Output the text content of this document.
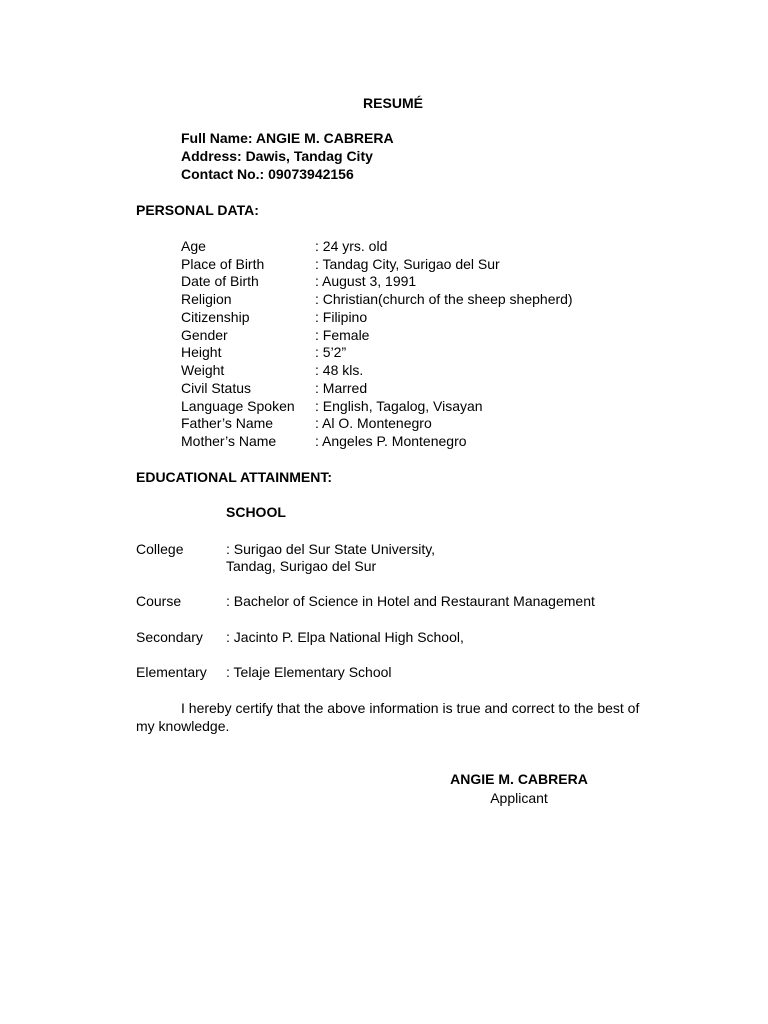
RESUMÉ
Full Name: ANGIE M. CABRERA
Address: Dawis, Tandag City
Contact No.: 09073942156
PERSONAL DATA:
Age	: 24 yrs. old
Place of Birth	: Tandag City, Surigao del Sur
Date of Birth	: August 3, 1991
Religion	: Christian(church of the sheep shepherd)
Citizenship	: Filipino
Gender	: Female
Height	: 5’2”
Weight	: 48 kls.
Civil Status	: Marred
Language Spoken : English, Tagalog, Visayan
Father’s Name	: Al O. Montenegro
Mother’s Name	: Angeles P. Montenegro
EDUCATIONAL ATTAINMENT:
SCHOOL
College	: Surigao del Sur State University,
Tandag, Surigao del Sur
Course	: Bachelor of Science in Hotel and Restaurant Management
Secondary : Jacinto P. Elpa National High School,
Elementary : Telaje Elementary School
I hereby certify that the above information is true and correct to the best of
my knowledge.
ANGIE M. CABRERA
Applicant
